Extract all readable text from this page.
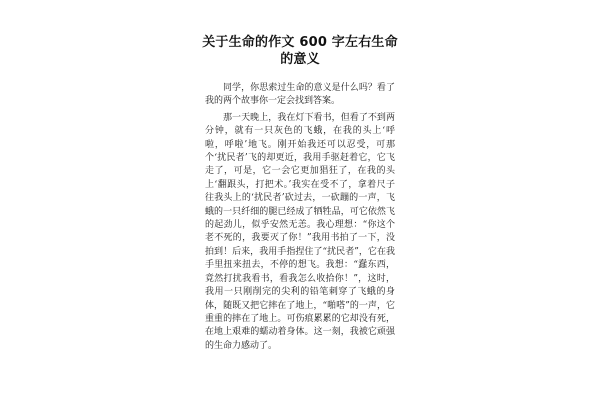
关于生命的作文 600 字左右生命的意义

同学，你思索过生命的意义是什么吗？看了我的两个故事你一定会找到答案。

那一天晚上，我在灯下看书，但看了不到两分钟，就有一只灰色的飞蛾，在我的头上‘呼啦，呼啦’地飞。刚开始我还可以忍受，可那个‘扰民者’飞的却更近，我用手驱赶着它，它飞走了，可是，它一会它更加猖狂了，在我的头上‘翻跟头，打把术。’我实在受不了，拿着尺子往我头上的‘扰民者’砍过去，一砍蹦的一声，飞蛾的一只纤细的腿已经成了牺牲品，可它依然飞的起劲儿，似乎安然无恙。我心理想：“你这个老不死的，我要灭了你！”我用书拍了一下，没拍到！后来，我用手指捏住了“扰民者”，它在我手里扭来扭去，不停的想飞。我想：“蠢东西，竟然打扰我看书，看我怎么收拾你！”，这时，我用一只刚削完的尖利的铅笔刺穿了飞蛾的身体，随既又把它摔在了地上，“啪嗒”的一声，它重重的摔在了地上。可伤痕累累的它却没有死，在地上艰难的蠕动着身体。这一刻，我被它顽强的生命力感动了。
